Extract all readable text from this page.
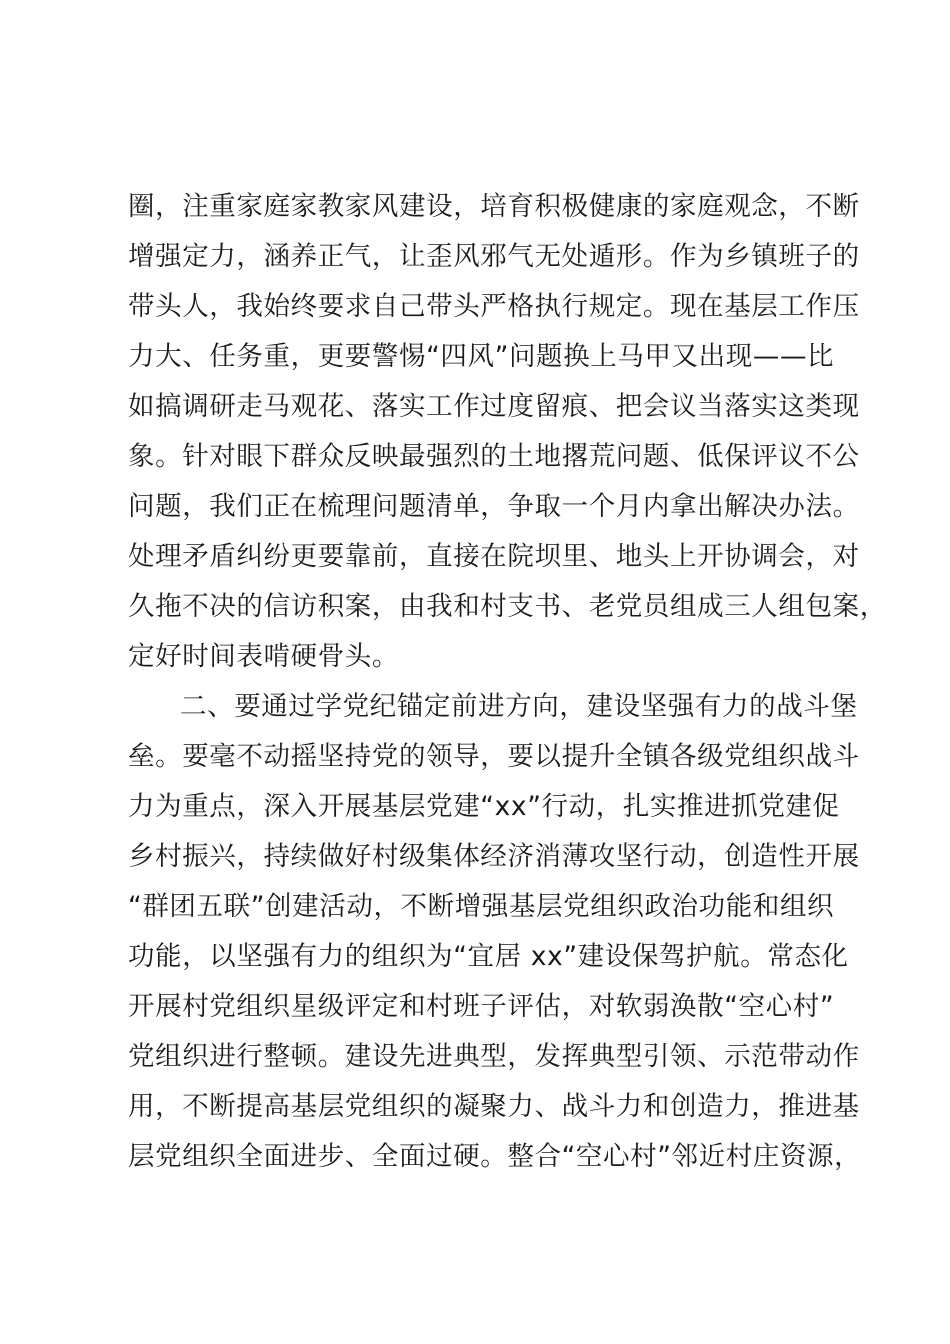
圈，注重家庭家教家风建设，培育积极健康的家庭观念，不断
增强定力，涵养正气，让歪风邪气无处遁形。作为乡镇班子的
带头人，我始终要求自己带头严格执行规定。现在基层工作压
力大、任务重，更要警惕“四风”问题换上马甲又出现——比
如搞调研走马观花、落实工作过度留痕、把会议当落实这类现
象。针对眼下群众反映最强烈的土地撂荒问题、低保评议不公
问题，我们正在梳理问题清单，争取一个月内拿出解决办法。
处理矛盾纠纷更要靠前，直接在院坝里、地头上开协调会，对
久拖不决的信访积案，由我和村支书、老党员组成三人组包案，
定好时间表啃硬骨头。
二、要通过学党纪锚定前进方向，建设坚强有力的战斗堡
垒。要毫不动摇坚持党的领导，要以提升全镇各级党组织战斗
力为重点，深入开展基层党建“xx”行动，扎实推进抓党建促
乡村振兴，持续做好村级集体经济消薄攻坚行动，创造性开展
“群团五联”创建活动，不断增强基层党组织政治功能和组织
功能，以坚强有力的组织为“宜居 xx”建设保驾护航。常态化
开展村党组织星级评定和村班子评估，对软弱涣散“空心村”
党组织进行整顿。建设先进典型，发挥典型引领、示范带动作
用，不断提高基层党组织的凝聚力、战斗力和创造力，推进基
层党组织全面进步、全面过硬。整合“空心村”邻近村庄资源，
